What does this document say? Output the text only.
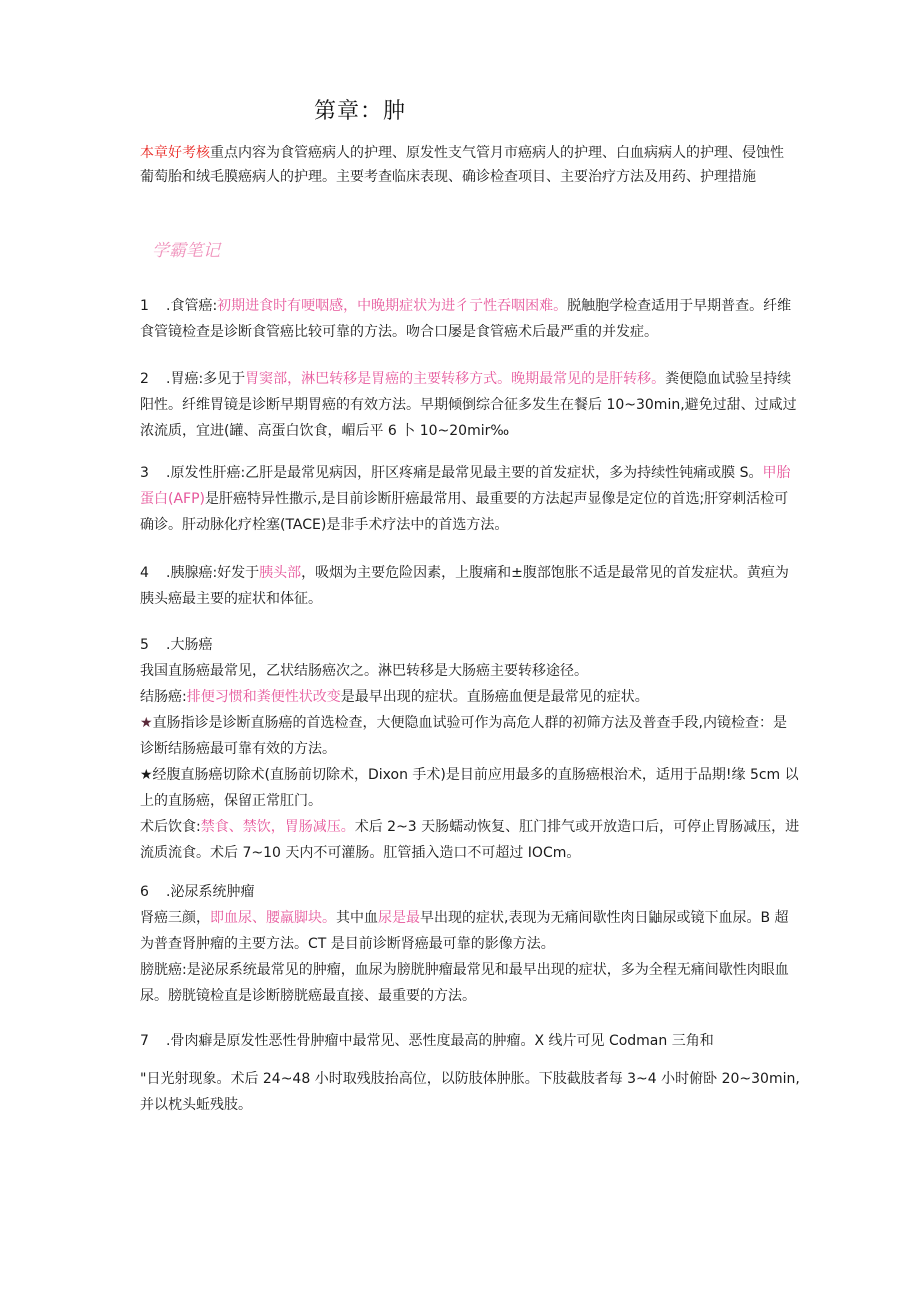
第章：肿
本章好考核重点内容为食管癌病人的护理、原发性支气管月市癌病人的护理、白血病病人的护理、侵蚀性葡萄胎和绒毛膜癌病人的护理。主要考查临床表现、确诊检查项目、主要治疗方法及用药、护理措施
学霸笔记

1 .食管癌:初期进食时有哽咽感，中晚期症状为进彳亍性吞咽困难。脱触胞学检查适用于早期普查。纤维食管镜检查是诊断食管癌比较可靠的方法。吻合口屡是食管癌术后最严重的并发症。

2 .胃癌:多见于胃窦部，淋巴转移是胃癌的主要转移方式。晚期最常见的是肝转移。粪便隐血试验呈持续阳性。纤维胃镜是诊断早期胃癌的有效方法。早期倾倒综合征多发生在餐后 10~30min,避免过甜、过咸过浓流质，宜进(罐、高蛋白饮食，嵋后平 6 卜 10~20mir‰

3 .原发性肝癌:乙肝是最常见病因，肝区疼痛是最常见最主要的首发症状，多为持续性钝痛或膜 S。甲胎蛋白(AFP)是肝癌特异性撒示,是目前诊断肝癌最常用、最重要的方法起声显像是定位的首选;肝穿刺活检可确诊。肝动脉化疗栓塞(TACE)是非手术疗法中的首选方法。

4 .胰腺癌:好发于胰头部，吸烟为主要危险因素，上腹痛和±腹部饱胀不适是最常见的首发症状。黄疸为胰头癌最主要的症状和体征。

5 .大肠癌

我国直肠癌最常见，乙状结肠癌次之。淋巴转移是大肠癌主要转移途径。

结肠癌:排便习惯和粪便性状改变是最早出现的症状。直肠癌血便是最常见的症状。

★直肠指诊是诊断直肠癌的首选检查，大便隐血试验可作为高危人群的初筛方法及普查手段,内镜检查：是诊断结肠癌最可靠有效的方法。

★经腹直肠癌切除术(直肠前切除术，Dixon 手术)是目前应用最多的直肠癌根治术，适用于品期!缘 5cm 以上的直肠癌，保留正常肛门。

术后饮食:禁食、禁饮，胃肠减压。术后 2~3 天肠蠕动恢复、肛门排气或开放造口后，可停止胃肠减压，进流质流食。术后 7~10 天内不可灌肠。肛管插入造口不可超过 IOCm。

6 .泌尿系统肿瘤

肾癌三颜，即血尿、腰羸脚块。其中血尿是最早出现的症状,表现为无痛间歇性肉日鼬尿或镜下血尿。B 超为普查肾肿瘤的主要方法。CT 是目前诊断肾癌最可靠的影像方法。

膀胱癌:是泌尿系统最常见的肿瘤，血尿为膀胱肿瘤最常见和最早出现的症状，多为全程无痛间歇性肉眼血尿。膀胱镜检直是诊断膀胱癌最直接、最重要的方法。

7 .骨肉癖是原发性恶性骨肿瘤中最常见、恶性度最高的肿瘤。X 线片可见 Codman 三角和

"日光射现象。术后 24~48 小时取残肢抬高位，以防肢体肿胀。下肢截肢者每 3~4 小时俯卧 20~30min,并以枕头蚯残肢。
